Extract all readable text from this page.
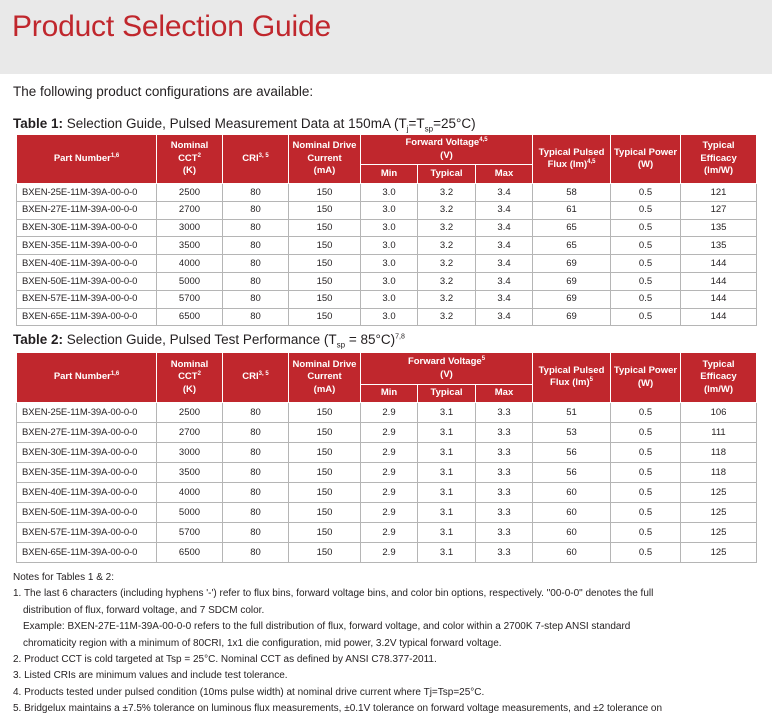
Product Selection Guide

The following product configurations are available:

Table 1: Selection Guide, Pulsed Measurement Data at 150mA $(T_j=T_{sp}=25^\circ C)$
Part Number$^{1,6}$	Nominal CCT$^2$
(K)	CRI$^{3, 5}$	Nominal Drive Current
(mA)	Forward Voltage$^{4,5}$
(V)			Typical Pulsed Flux (lm)$^{4,5}$	Typical Power
(W)	Typical Efficacy
(lm/W)
				Min	Typical	Max			
BXEN-25E-11M-39A-00-0-0	2500	80	150	3.0	3.2	3.4	58	0.5	121
BXEN-27E-11M-39A-00-0-0	2700	80	150	3.0	3.2	3.4	61	0.5	127
BXEN-30E-11M-39A-00-0-0	3000	80	150	3.0	3.2	3.4	65	0.5	135
BXEN-35E-11M-39A-00-0-0	3500	80	150	3.0	3.2	3.4	65	0.5	135
BXEN-40E-11M-39A-00-0-0	4000	80	150	3.0	3.2	3.4	69	0.5	144
BXEN-50E-11M-39A-00-0-0	5000	80	150	3.0	3.2	3.4	69	0.5	144
BXEN-57E-11M-39A-00-0-0	5700	80	150	3.0	3.2	3.4	69	0.5	144
BXEN-65E-11M-39A-00-0-0	6500	80	150	3.0	3.2	3.4	69	0.5	144
Table 2: Selection Guide, Pulsed Test Performance $(T_{sp} = 85^\circ C)^{7,8}$
Part Number$^{1,6}$	Nominal CCT$^2$
(K)	CRI$^{3, 5}$	Nominal Drive Current
(mA)	Forward Voltage$^5$
(V)			Typical Pulsed Flux (lm)$^5$	Typical Power
(W)	Typical Efficacy
(lm/W)
				Min	Typical	Max			
BXEN-25E-11M-39A-00-0-0	2500	80	150	2.9	3.1	3.3	51	0.5	106
BXEN-27E-11M-39A-00-0-0	2700	80	150	2.9	3.1	3.3	53	0.5	111
BXEN-30E-11M-39A-00-0-0	3000	80	150	2.9	3.1	3.3	56	0.5	118
BXEN-35E-11M-39A-00-0-0	3500	80	150	2.9	3.1	3.3	56	0.5	118
BXEN-40E-11M-39A-00-0-0	4000	80	150	2.9	3.1	3.3	60	0.5	125
BXEN-50E-11M-39A-00-0-0	5000	80	150	2.9	3.1	3.3	60	0.5	125
BXEN-57E-11M-39A-00-0-0	5700	80	150	2.9	3.1	3.3	60	0.5	125
BXEN-65E-11M-39A-00-0-0	6500	80	150	2.9	3.1	3.3	60	0.5	125

Notes for Tables 1 & 2:

1. The last 6 characters (including hyphens '-') refer to flux bins, forward voltage bins, and color bin options, respectively. "00-0-0" denotes the full

distribution of flux, forward voltage, and 7 SDCM color.

Example: BXEN-27E-11M-39A-00-0-0 refers to the full distribution of flux, forward voltage, and color within a 2700K 7-step ANSI standard

chromaticity region with a minimum of 80CRI, 1x1 die configuration, mid power, 3.2V typical forward voltage.

2. Product CCT is cold targeted at Tsp = 25°C. Nominal CCT as defined by ANSI C78.377-2011.

3. Listed CRIs are minimum values and include test tolerance.

4. Products tested under pulsed condition (10ms pulse width) at nominal drive current where Tj=Tsp=25°C.

5. Bridgelux maintains a ±7.5% tolerance on luminous flux measurements, ±0.1V tolerance on forward voltage measurements, and ±2 tolerance on
